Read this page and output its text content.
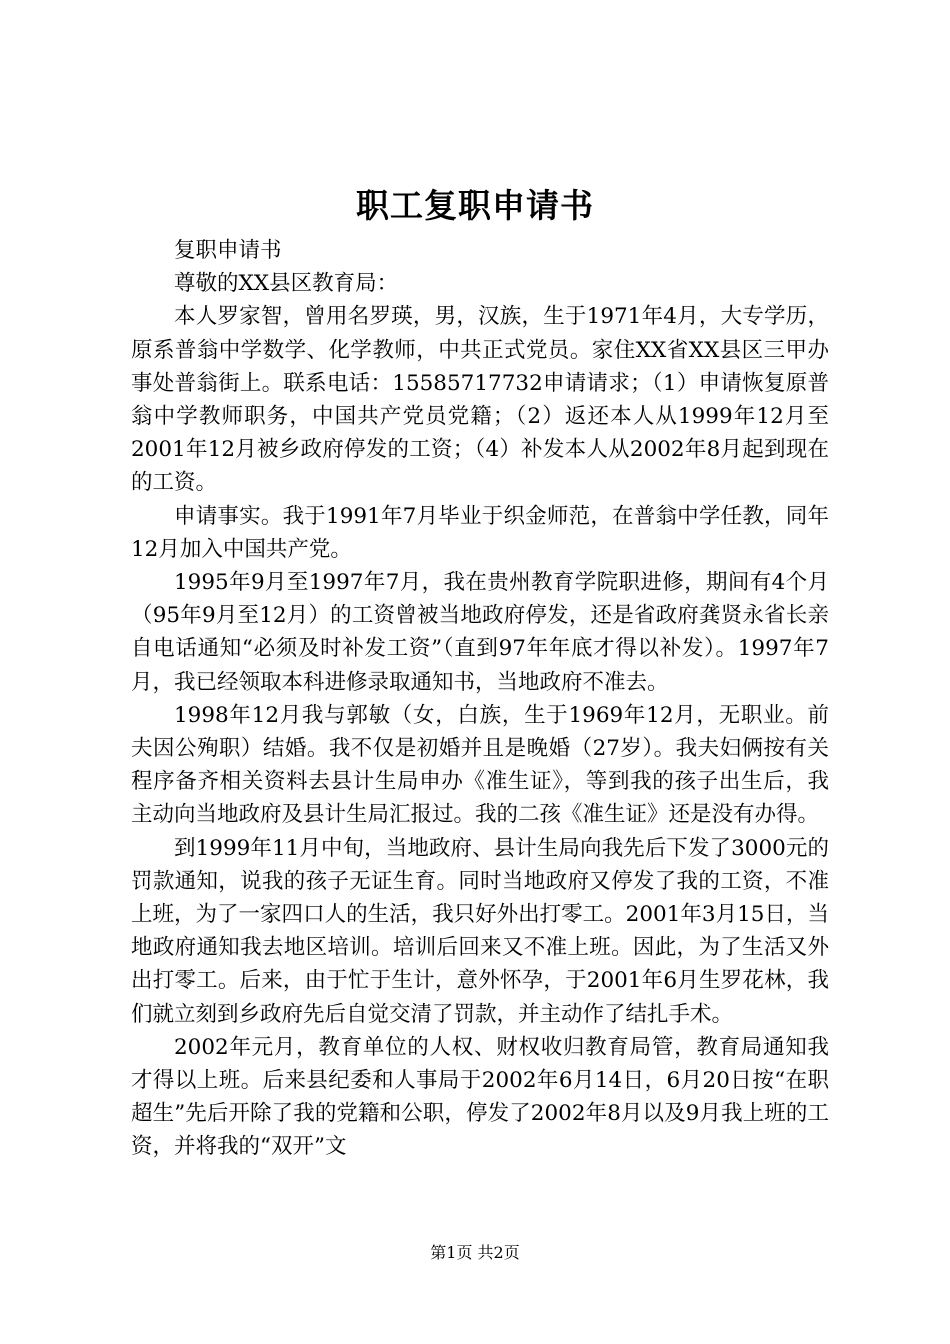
职工复职申请书

复职申请书

尊敬的XX县区教育局：

本人罗家智，曾用名罗瑛，男，汉族，生于1971年4月，大专学历，原系普翁中学数学、化学教师，中共正式党员。家住XX省XX县区三甲办事处普翁街上。联系电话：15585717732申请请求；（1）申请恢复原普翁中学教师职务，中国共产党员党籍；（2）返还本人从1999年12月至2001年12月被乡政府停发的工资；（4）补发本人从2002年8月起到现在的工资。

申请事实。我于1991年7月毕业于织金师范，在普翁中学任教，同年12月加入中国共产党。

1995年9月至1997年7月，我在贵州教育学院职进修，期间有4个月（95年9月至12月）的工资曾被当地政府停发，还是省政府龚贤永省长亲自电话通知“必须及时补发工资”（直到97年年底才得以补发）。1997年7月，我已经领取本科进修录取通知书，当地政府不准去。

1998年12月我与郭敏（女，白族，生于1969年12月，无职业。前夫因公殉职）结婚。我不仅是初婚并且是晚婚（27岁）。我夫妇俩按有关程序备齐相关资料去县计生局申办《准生证》，等到我的孩子出生后，我主动向当地政府及县计生局汇报过。我的二孩《准生证》还是没有办得。

到1999年11月中旬，当地政府、县计生局向我先后下发了3000元的罚款通知，说我的孩子无证生育。同时当地政府又停发了我的工资，不准上班，为了一家四口人的生活，我只好外出打零工。2001年3月15日，当地政府通知我去地区培训。培训后回来又不准上班。因此，为了生活又外出打零工。后来，由于忙于生计，意外怀孕，于2001年6月生罗花林，我们就立刻到乡政府先后自觉交清了罚款，并主动作了结扎手术。

2002年元月，教育单位的人权、财权收归教育局管，教育局通知我才得以上班。后来县纪委和人事局于2002年6月14日，6月20日按“在职超生”先后开除了我的党籍和公职，停发了2002年8月以及9月我上班的工资，并将我的“双开”文

第1页 共2页
